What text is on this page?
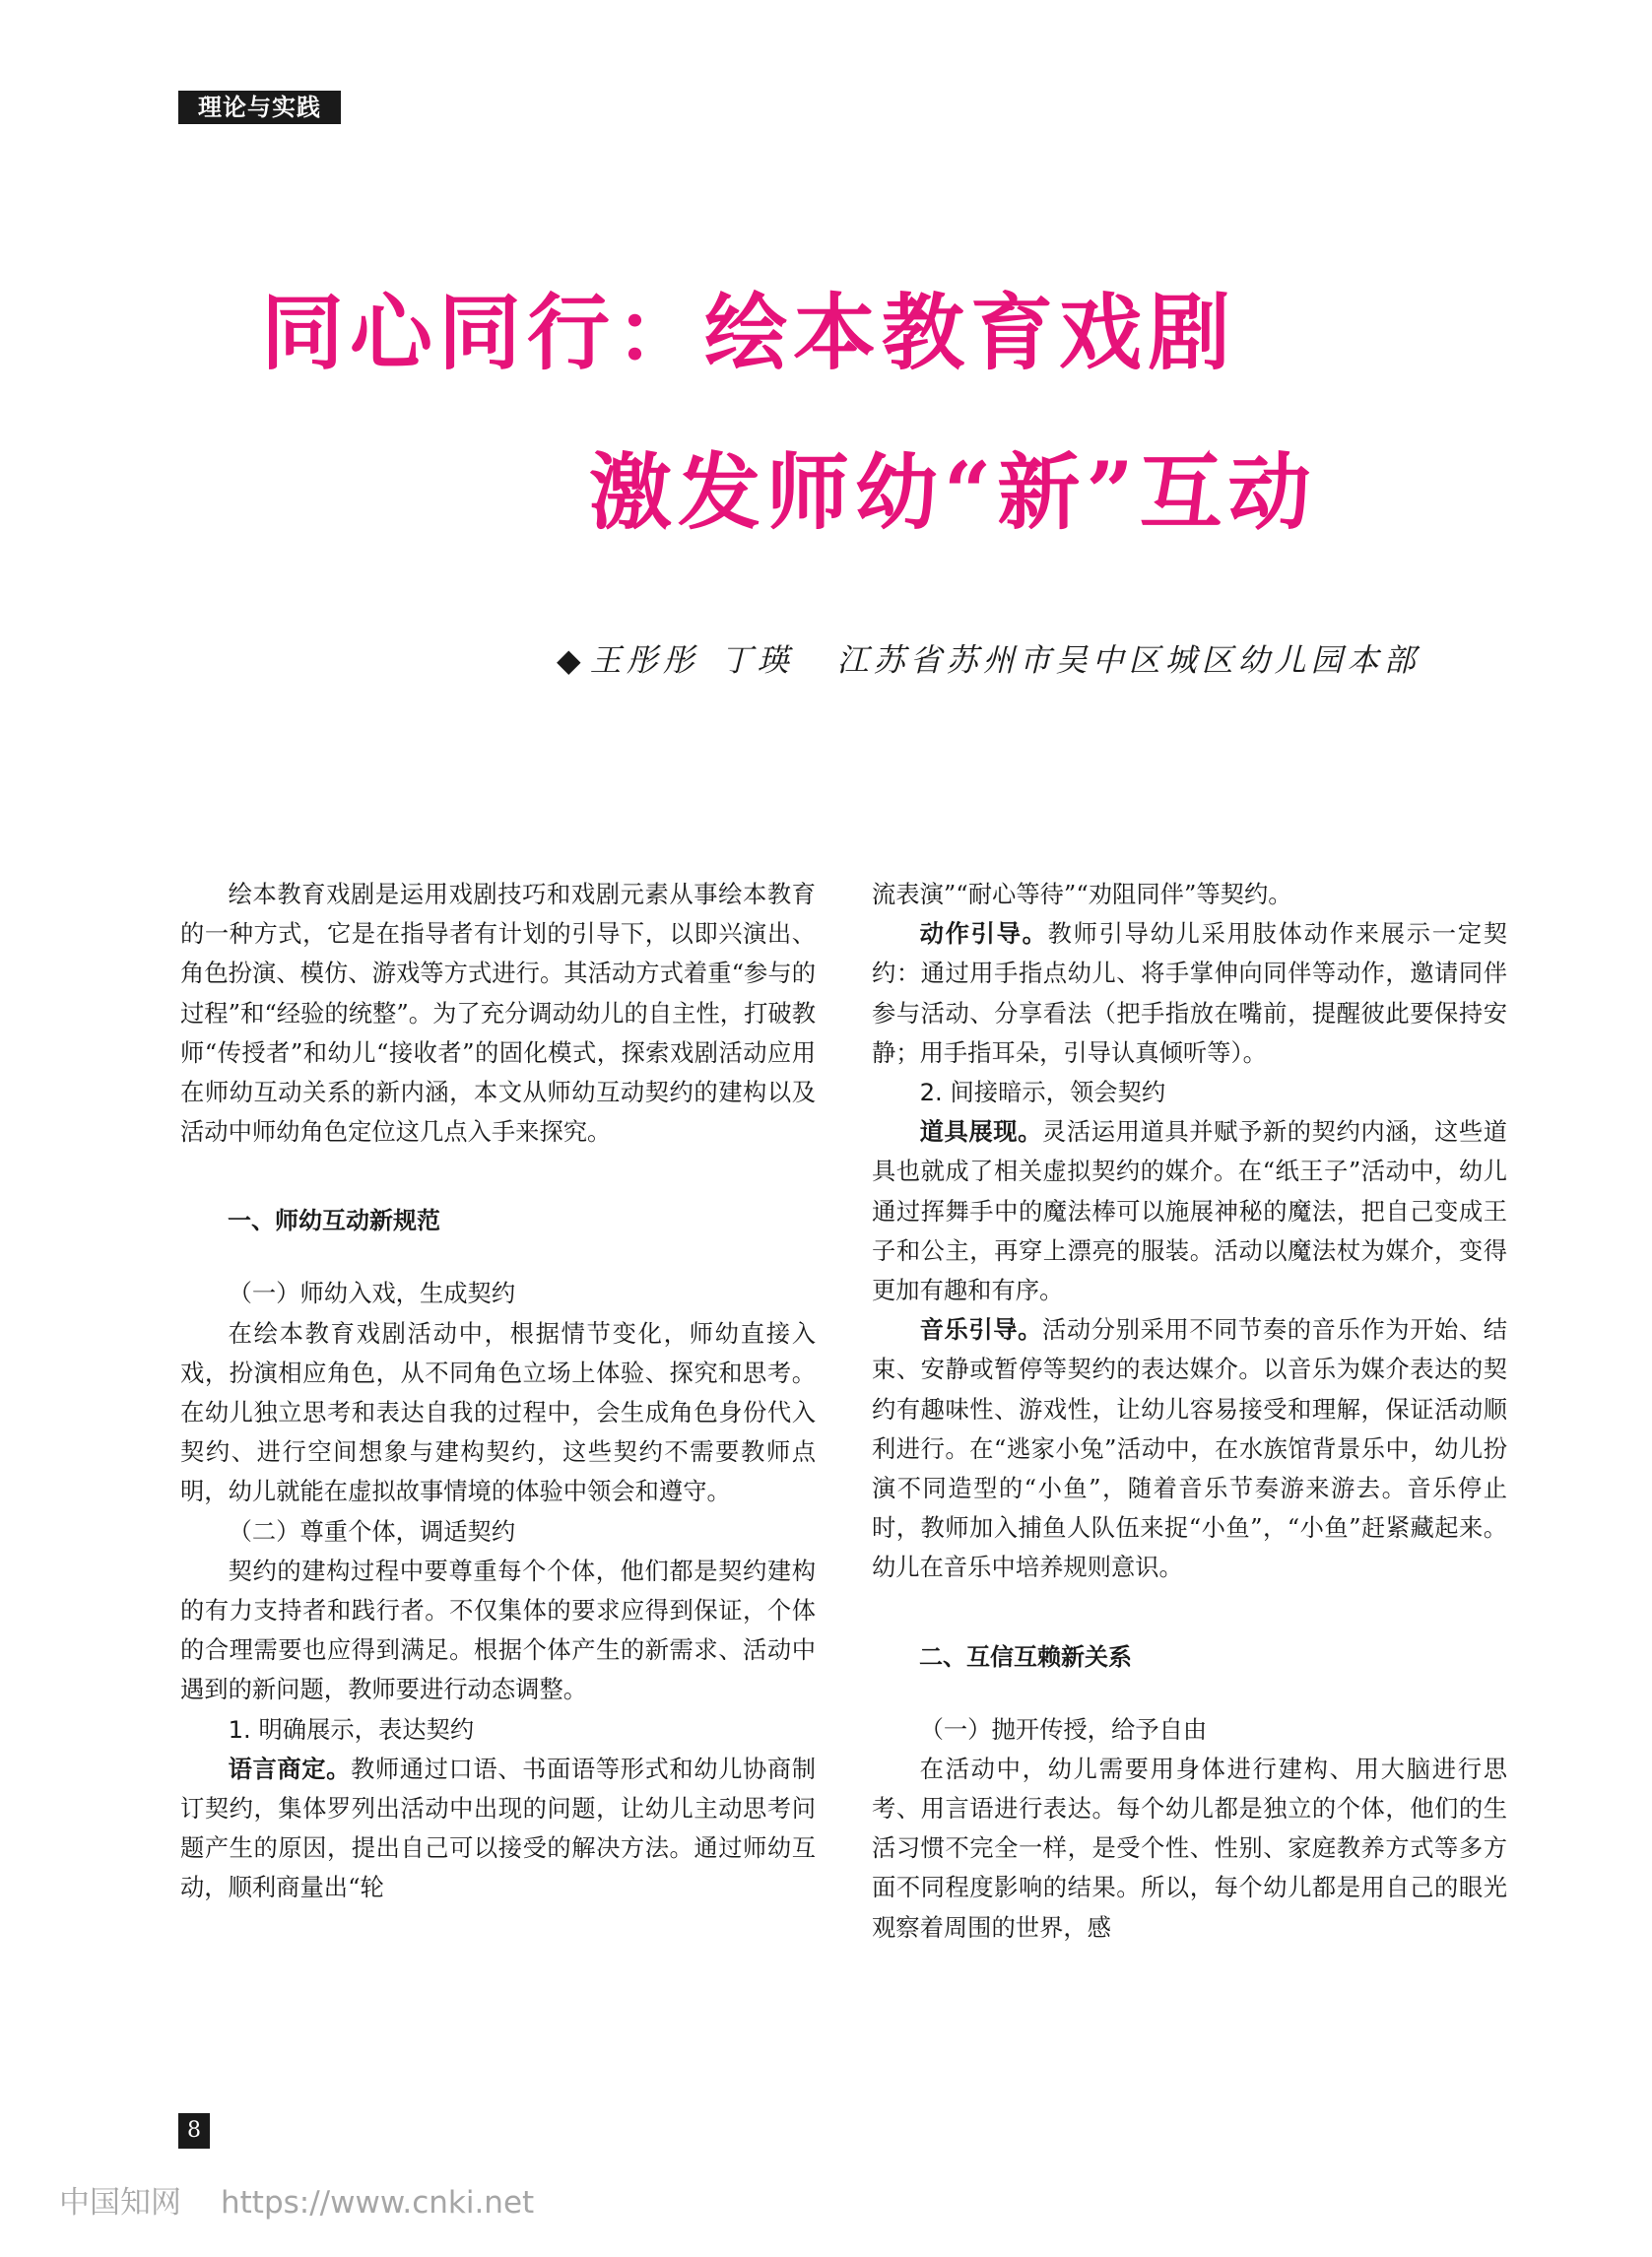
理论与实践
同心同行：绘本教育戏剧
激发师幼“新”互动
◆ 王彤彤 丁瑛 江苏省苏州市吴中区城区幼儿园本部

绘本教育戏剧是运用戏剧技巧和戏剧元素从事绘本教育的一种方式，它是在指导者有计划的引导下，以即兴演出、角色扮演、模仿、游戏等方式进行。其活动方式着重“参与的过程”和“经验的统整”。为了充分调动幼儿的自主性，打破教师“传授者”和幼儿“接收者”的固化模式，探索戏剧活动应用在师幼互动关系的新内涵，本文从师幼互动契约的建构以及活动中师幼角色定位这几点入手来探究。

一、师幼互动新规范
（一）师幼入戏，生成契约

在绘本教育戏剧活动中，根据情节变化，师幼直接入戏，扮演相应角色，从不同角色立场上体验、探究和思考。在幼儿独立思考和表达自我的过程中，会生成角色身份代入契约、进行空间想象与建构契约，这些契约不需要教师点明，幼儿就能在虚拟故事情境的体验中领会和遵守。

（二）尊重个体，调适契约

契约的建构过程中要尊重每个个体，他们都是契约建构的有力支持者和践行者。不仅集体的要求应得到保证，个体的合理需要也应得到满足。根据个体产生的新需求、活动中遇到的新问题，教师要进行动态调整。

1. 明确展示，表达契约

语言商定。教师通过口语、书面语等形式和幼儿协商制订契约，集体罗列出活动中出现的问题，让幼儿主动思考问题产生的原因，提出自己可以接受的解决方法。通过师幼互动，顺利商量出“轮

流表演”“耐心等待”“劝阻同伴”等契约。

动作引导。教师引导幼儿采用肢体动作来展示一定契约：通过用手指点幼儿、将手掌伸向同伴等动作，邀请同伴参与活动、分享看法（把手指放在嘴前，提醒彼此要保持安静；用手指耳朵，引导认真倾听等）。

2. 间接暗示，领会契约

道具展现。灵活运用道具并赋予新的契约内涵，这些道具也就成了相关虚拟契约的媒介。在“纸王子”活动中，幼儿通过挥舞手中的魔法棒可以施展神秘的魔法，把自己变成王子和公主，再穿上漂亮的服装。活动以魔法杖为媒介，变得更加有趣和有序。

音乐引导。活动分别采用不同节奏的音乐作为开始、结束、安静或暂停等契约的表达媒介。以音乐为媒介表达的契约有趣味性、游戏性，让幼儿容易接受和理解，保证活动顺利进行。在“逃家小兔”活动中，在水族馆背景乐中，幼儿扮演不同造型的“小鱼”，随着音乐节奏游来游去。音乐停止时，教师加入捕鱼人队伍来捉“小鱼”，“小鱼”赶紧藏起来。幼儿在音乐中培养规则意识。

二、互信互赖新关系
（一）抛开传授，给予自由

在活动中，幼儿需要用身体进行建构、用大脑进行思考、用言语进行表达。每个幼儿都是独立的个体，他们的生活习惯不完全一样，是受个性、性别、家庭教养方式等多方面不同程度影响的结果。所以，每个幼儿都是用自己的眼光观察着周围的世界，感

8
中国知网 https://www.cnki.net
